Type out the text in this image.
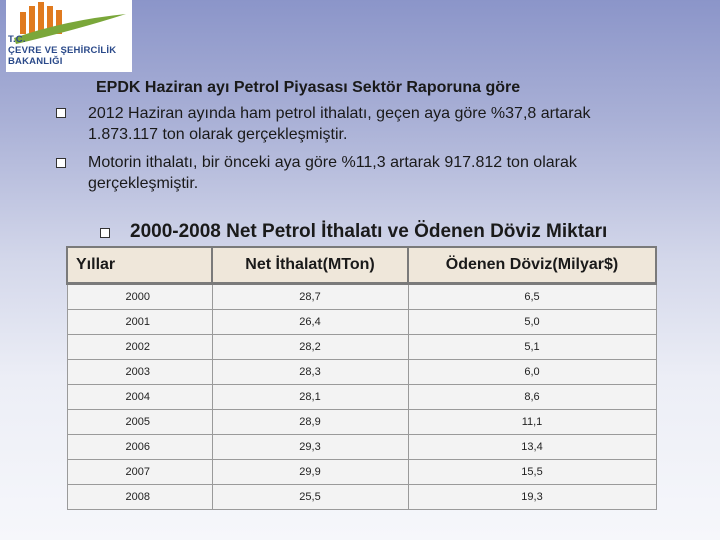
T.C.
ÇEVRE VE ŞEHİRCİLİK
BAKANLIĞI
EPDK Haziran ayı Petrol Piyasası Sektör Raporuna göre
2012 Haziran ayında ham petrol ithalatı, geçen aya göre %37,8 artarak
1.873.117 ton olarak gerçekleşmiştir.
Motorin ithalatı, bir önceki aya göre %11,3 artarak 917.812 ton olarak
gerçekleşmiştir.
2000-2008 Net Petrol İthalatı ve Ödenen Döviz Miktarı
Yıllar	Net İthalat(MTon)	Ödenen Döviz(Milyar$)
2000	28,7	6,5
2001	26,4	5,0
2002	28,2	5,1
2003	28,3	6,0
2004	28,1	8,6
2005	28,9	11,1
2006	29,3	13,4
2007	29,9	15,5
2008	25,5	19,3
